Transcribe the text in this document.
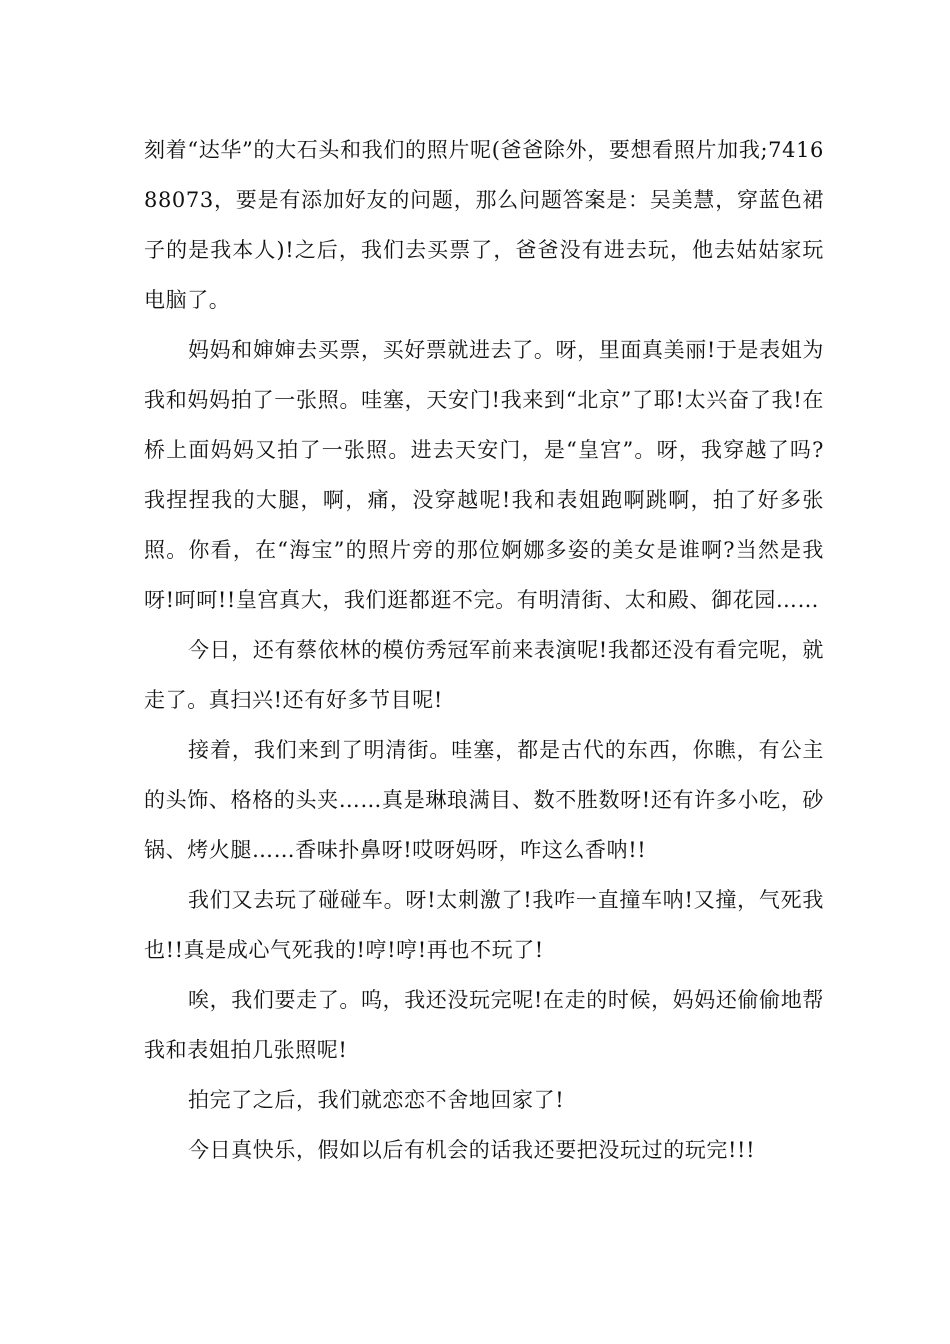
刻着“达华”的大石头和我们的照片呢(爸爸除外，要想看照片加我;741688073，要是有添加好友的问题，那么问题答案是：吴美慧，穿蓝色裙子的是我本人)!之后，我们去买票了，爸爸没有进去玩，他去姑姑家玩电脑了。

妈妈和婶婶去买票，买好票就进去了。呀，里面真美丽!于是表姐为我和妈妈拍了一张照。哇塞，天安门!我来到“北京”了耶!太兴奋了我!在桥上面妈妈又拍了一张照。进去天安门，是“皇宫”。呀，我穿越了吗?我捏捏我的大腿，啊，痛，没穿越呢!我和表姐跑啊跳啊，拍了好多张照。你看，在“海宝”的照片旁的那位婀娜多姿的美女是谁啊?当然是我呀!呵呵!!皇宫真大，我们逛都逛不完。有明清街、太和殿、御花园……

今日，还有蔡依林的模仿秀冠军前来表演呢!我都还没有看完呢，就走了。真扫兴!还有好多节目呢!

接着，我们来到了明清街。哇塞，都是古代的东西，你瞧，有公主的头饰、格格的头夹……真是琳琅满目、数不胜数呀!还有许多小吃，砂锅、烤火腿……香味扑鼻呀!哎呀妈呀，咋这么香呐!!

我们又去玩了碰碰车。呀!太刺激了!我咋一直撞车呐!又撞，气死我也!!真是成心气死我的!哼!哼!再也不玩了!

唉，我们要走了。呜，我还没玩完呢!在走的时候，妈妈还偷偷地帮我和表姐拍几张照呢!

拍完了之后，我们就恋恋不舍地回家了!

今日真快乐，假如以后有机会的话我还要把没玩过的玩完!!!
